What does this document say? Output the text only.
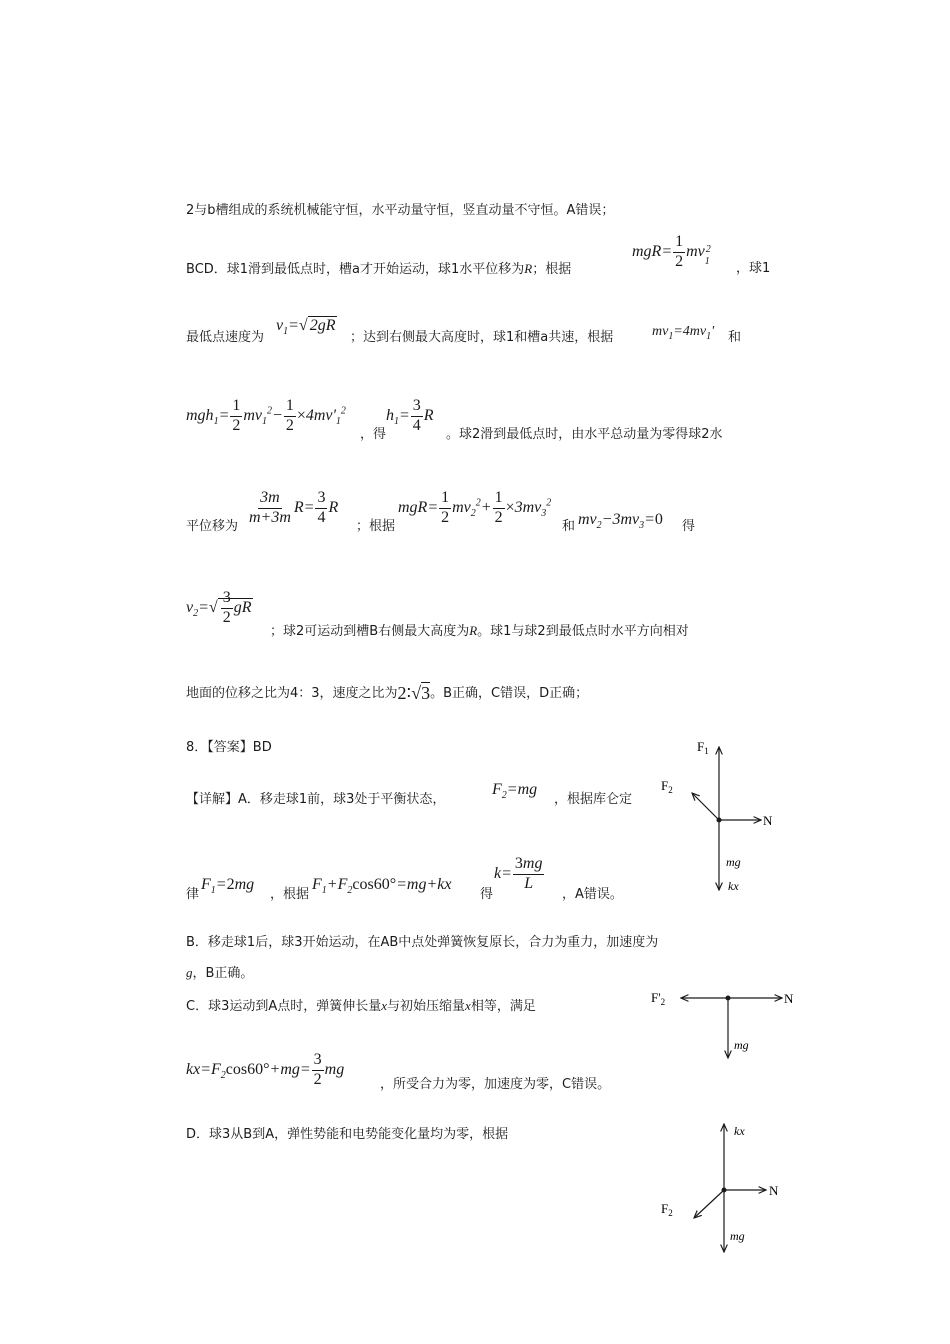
2与b槽组成的系统机械能守恒，水平动量守恒，竖直动量不守恒。A错误；
BCD．球1滑到最低点时，槽a才开始运动，球1水平位移为R；根据
$mgR= \frac{1}{2} mv_{21}$	，球1
最低点速度为
$v_1=√$ 2gR
；达到右侧最大高度时，球1和槽a共速，根据	$mv_1=4mv_1'$ 和
$mgh_1= \frac{1}{2} mv_1^2- \frac{1}{2} \times 4mv'_1^2$
，得
$h_1= \frac{3}{4}$ R
。球2滑到最低点时，由水平总动量为零得球2水
平位移为 $\frac{3m}{m+3m} R= \frac{3}{4}$ R
；根据
$mgR= \frac{1}{2} mv_2^2+ \frac{1}{2} \times 3mv_3^2$
和 $mv_2-3mv_3=0$ 得
$v_2=√ \frac{3}{2}$ gR
；球2可运动到槽B右侧最大高度为R。球1与球2到最低点时水平方向相对
地面的位移之比为4：3，速度之比为2∶√3。B正确，C错误，D正确；
8．【答案】BD
【详解】A．移走球1前，球3处于平衡状态，
$F_2=mg$
，根据库仑定
律
$F_1=2mg$
，根据
$F_1+F_2\cos 60^\circ=mg+kx$
得
$k= \frac{3mg}{L}$
，A错误。
B．移走球1后，球3开始运动，在AB中点处弹簧恢复原长，合力为重力，加速度为
g，B正确。
C．球3运动到A点时，弹簧伸长量x与初始压缩量x相等，满足
$kx=F_2\cos 60^\circ+mg= \frac{3}{2}$ mg
，所受合力为零，加速度为零，C错误。
D．球3从B到A，弹性势能和电势能变化量均为零，根据
$F_1$
$F_2$
N
mg
kx
$F'_2$	N
mg
kx
N
$F_2$
mg
